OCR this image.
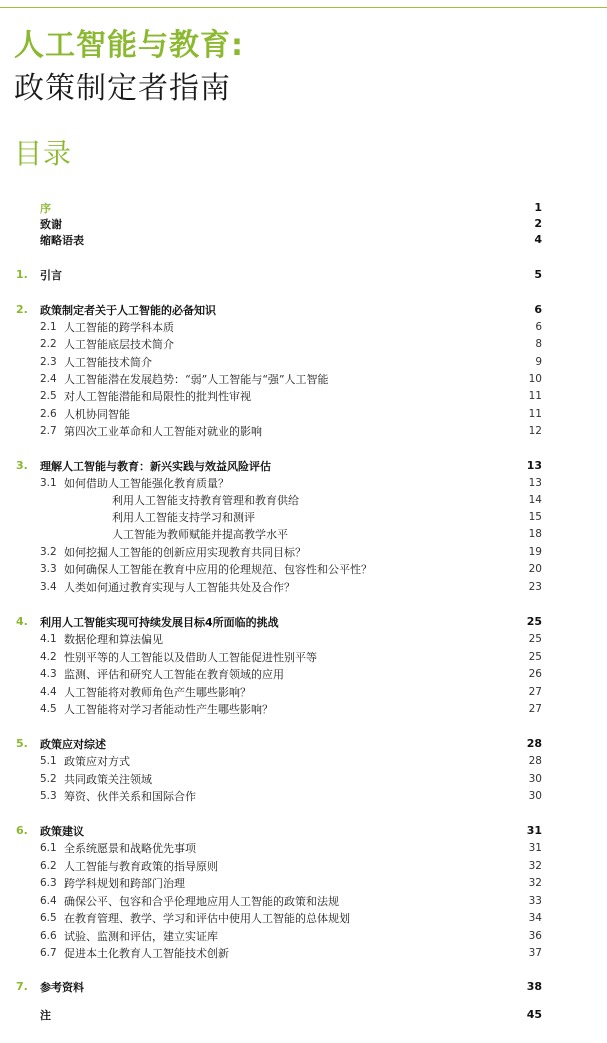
人工智能与教育:
政策制定者指南
目录
序	1
致谢	2
缩略语表	4
1.	引言	5
2.	政策制定者关于人工智能的必备知识	6
2.1 人工智能的跨学科本质	6
2.2 人工智能底层技术简介	8
2.3 人工智能技术简介	9
2.4 人工智能潜在发展趋势：“弱”人工智能与“强”人工智能	10
2.5 对人工智能潜能和局限性的批判性审视	11
2.6 人机协同智能	11
2.7 第四次工业革命和人工智能对就业的影响	12
3.	理解人工智能与教育：新兴实践与效益风险评估	13
3.1 如何借助人工智能强化教育质量？	13
利用人工智能支持教育管理和教育供给	14
利用人工智能支持学习和测评	15
人工智能为教师赋能并提高教学水平	18
3.2 如何挖掘人工智能的创新应用实现教育共同目标？	19
3.3 如何确保人工智能在教育中应用的伦理规范、包容性和公平性？	20
3.4 人类如何通过教育实现与人工智能共处及合作？	23
4.	利用人工智能实现可持续发展目标4所面临的挑战	25
4.1 数据伦理和算法偏见	25
4.2 性别平等的人工智能以及借助人工智能促进性别平等	25
4.3 监测、评估和研究人工智能在教育领域的应用	26
4.4 人工智能将对教师角色产生哪些影响？	27
4.5 人工智能将对学习者能动性产生哪些影响？	27
5.	政策应对综述	28
5.1 政策应对方式	28
5.2 共同政策关注领域	30
5.3 筹资、伙伴关系和国际合作	30
6.	政策建议	31
6.1 全系统愿景和战略优先事项	31
6.2 人工智能与教育政策的指导原则	32
6.3 跨学科规划和跨部门治理	32
6.4 确保公平、包容和合乎伦理地应用人工智能的政策和法规	33
6.5 在教育管理、教学、学习和评估中使用人工智能的总体规划	34
6.6 试验、监测和评估，建立实证库	36
6.7 促进本土化教育人工智能技术创新	37
7.	参考资料	38
注	45
